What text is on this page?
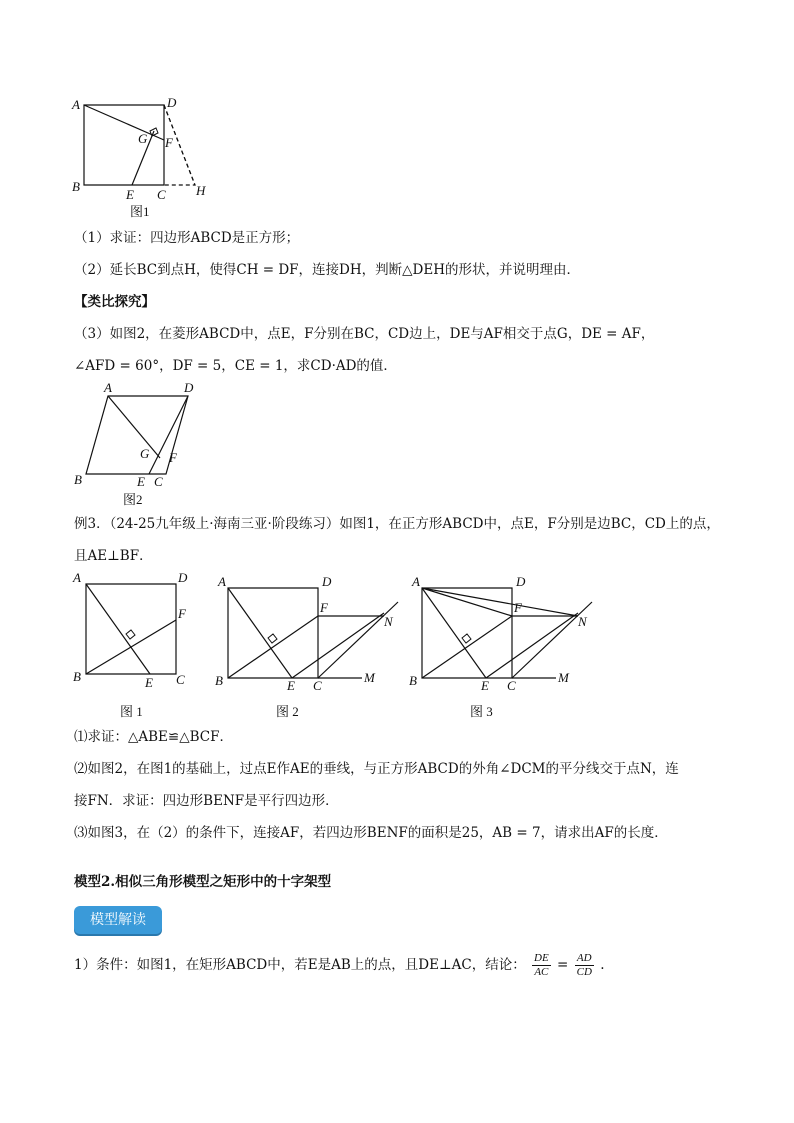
A	D
G F
B
E C H
图1
（1）求证：四边形ABCD是正方形；
（2）延长BC到点H，使得CH = DF，连接DH，判断△DEH的形状，并说明理由．
【类比探究】
（3）如图2，在菱形ABCD中，点E，F分别在BC，CD边上，DE与AF相交于点G，DE = AF，
∠AFD = 60°，DF = 5，CE = 1，求CD·AD的值．
A	D
G F
B	E C
图2
例3．（24-25九年级上·海南三亚·阶段练习）如图1，在正方形ABCD中，点E，F分别是边BC，CD上的点，
且AE⊥BF．
A	D
F
B	E C
图 1
A	D
F
N
B	E C
M
图 2
A	D
F
N
B	E C
M
图 3
⑴求证：△ABE≌△BCF．
⑵如图2，在图1的基础上，过点E作AE的垂线，与正方形ABCD的外角∠DCM的平分线交于点N，连
接FN．求证：四边形BENF是平行四边形．
⑶如图3，在（2）的条件下，连接AF，若四边形BENF的面积是25，AB = 7，请求出AF的长度．
模型2.相似三角形模型之矩形中的十字架型
模型解读
1）条件：如图1，在矩形ABCD中，若E是AB上的点，且DE⊥AC，结论： $\frac{DE}{AC} = \frac{AD}{CD}$ .
